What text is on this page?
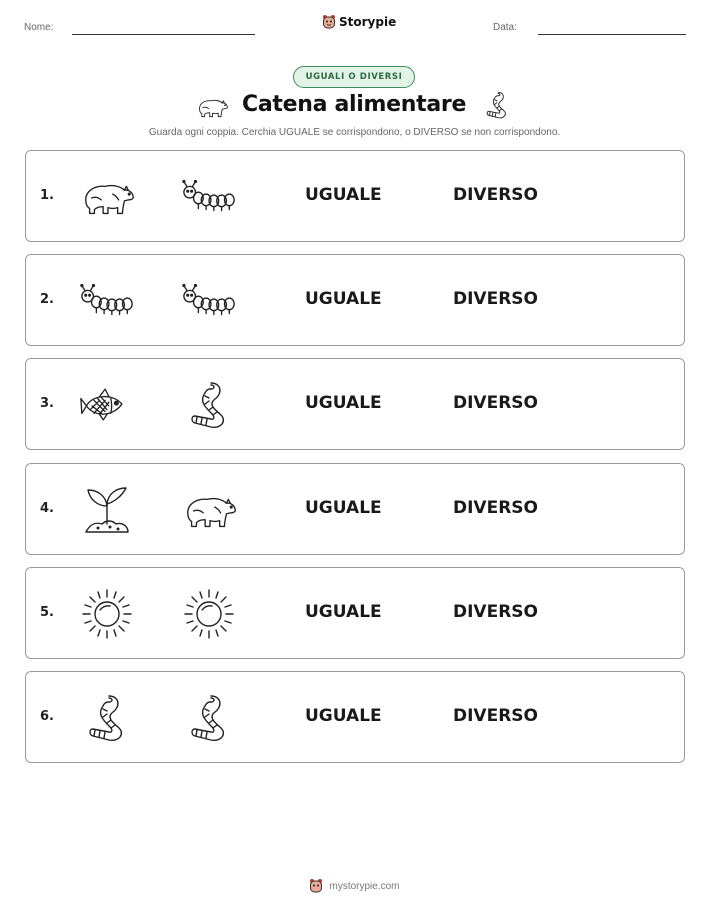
Nome:	Storypie	Data:
UGUALI O DIVERSI
Catena alimentare
Guarda ogni coppia. Cerchia UGUALE se corrispondono, o DIVERSO se non corrispondono.
1.	UGUALE	DIVERSO
2.	UGUALE	DIVERSO
3.	UGUALE	DIVERSO
4.	UGUALE	DIVERSO
5.	UGUALE	DIVERSO
6.	UGUALE	DIVERSO
mystorypie.com
